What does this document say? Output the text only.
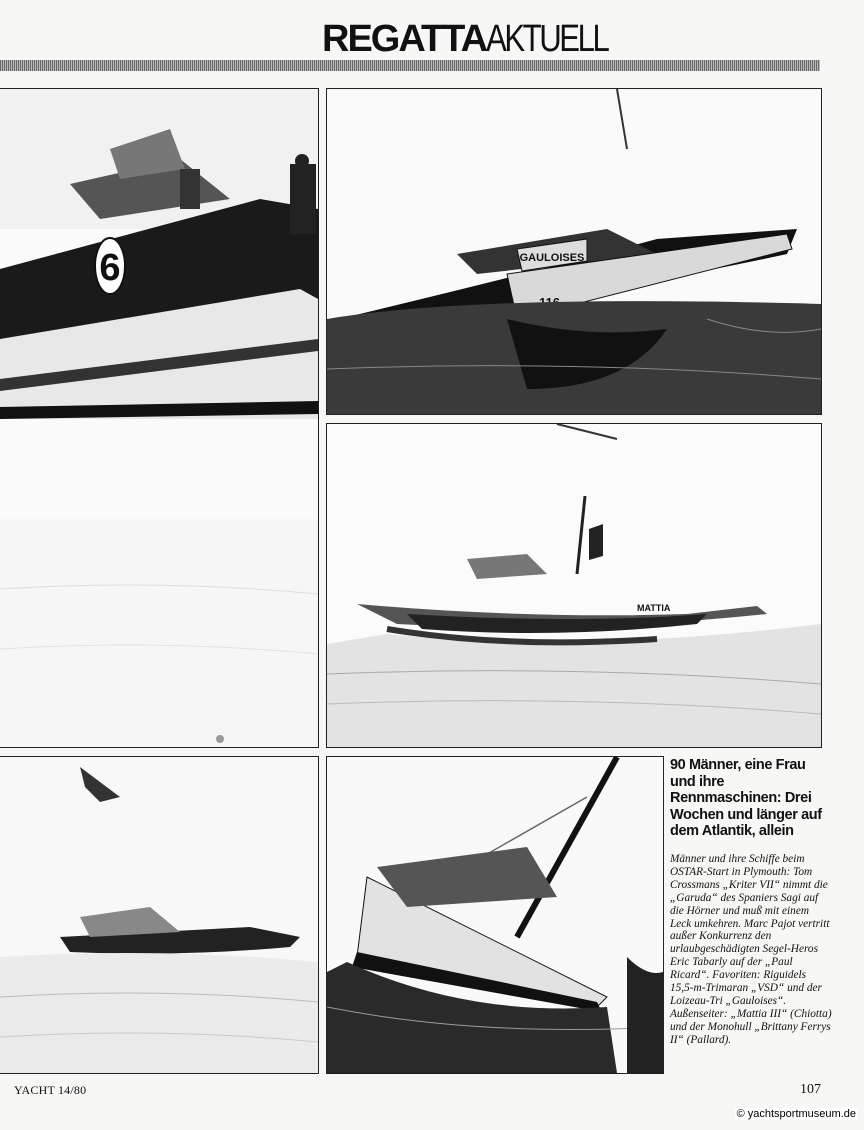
REGATTA AKTUELL
6	GAULOISES
MATTIA
90 Männer, eine Frau und ihre Rennmaschinen: Drei Wochen und länger auf dem Atlantik, allein

Männer und ihre Schiffe beim OSTAR-Start in Plymouth: Tom Crossmans „Kriter VII“ nimmt die „Garuda“ des Spaniers Sagi auf die Hörner und muß mit einem Leck umkehren. Marc Pajot vertritt außer Konkurrenz den urlaubgeschädigten Segel-Heros Eric Tabarly auf der „Paul Ricard“. Favoriten: Riguidels 15,5-m-Trimaran „VSD“ und der Loizeau-Tri „Gauloises“. Außenseiter: „Mattia III“ (Chiotta) und der Monohull „Brittany Ferrys II“ (Pallard).

YACHT 14/80	107
© yachtsportmuseum.de
